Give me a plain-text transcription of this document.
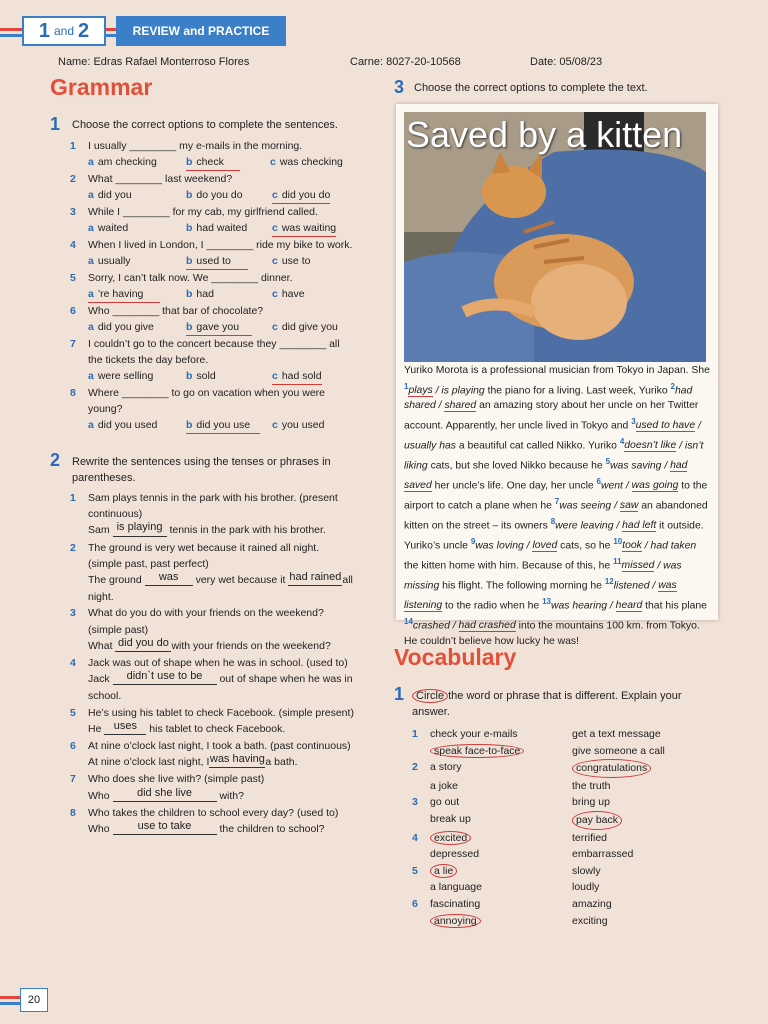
1 and 2	REVIEW and PRACTICE
Name: Edras Rafael Monterroso Flores	Carne: 8027-20-10568	Date: 05/08/23
Grammar
1 Choose the correct options to complete the sentences.
1 I usually ________ my e-mails in the morning.
a am checking	b check	c was checking
2 What ________ last weekend?
a did you	b do you do	c did you do
3 While I ________ for my cab, my girlfriend called.
a waited	b had waited c was waiting
4 When I lived in London, I ________ ride my bike to work.
a usually	b used to	c use to
5 Sorry, I can’t talk now. We ________ dinner.
a ’re having	b had	c have
6 Who ________ that bar of chocolate?
a did you give	b gave you	c did give you
7 I couldn’t go to the concert because they ________ all
the tickets the day before.
a were selling	b sold	c had sold
8 Where ________ to go on vacation when you were
young?
a did you used	b did you use c you used
2 Rewrite the sentences using the tenses or phrases in
parentheses.
1 Sam plays tennis in the park with his brother. (present
continuous)
Sam is playing tennis in the park with his brother.
2 The ground is very wet because it rained all night.
(simple past, past perfect)
The ground was very wet because it had rainedall
night.
3 What do you do with your friends on the weekend?
(simple past)
What did you do with your friends on the weekend?
4 Jack was out of shape when he was in school. (used to)
Jack didn`t use to be out of shape when he was in
school.
5 He’s using his tablet to check Facebook. (simple present)
He uses his tablet to check Facebook.
6 At nine o’clock last night, I took a bath. (past continuous)
At nine o’clock last night, Iwas havinga bath.
7 Who does she live with? (simple past)
Who did she live	with?
8 Who takes the children to school every day? (used to)
Who	use to take	the children to school?
3 Choose the correct options to complete the text.
Saved by a kitten
Yuriko Morota is a professional musician from Tokyo in Japan. She $^1$plays / is playing the piano for a living. Last week, Yuriko $^2$had shared / shared an amazing story about her uncle on her Twitter account. Apparently, her uncle lived in Tokyo and $^3$used to have / usually has a beautiful cat called Nikko. Yuriko $^4$doesn’t like / isn’t liking cats, but she loved Nikko because he $^5$was saving / had saved her uncle’s life. One day, her uncle $^6$went / was going to the airport to catch a plane when he $^7$was seeing / saw an abandoned kitten on the street – its owners $^8$were leaving / had left it outside. Yuriko’s uncle $^9$was loving / loved cats, so he $^{10}$took / had taken the kitten home with him. Because of this, he $^{11}$missed / was missing his flight. The following morning he $^{12}$listened / was listening to the radio when he $^{13}$was hearing / heard that his plane $^{14}$crashed / had crashed into the mountains 100 km. from Tokyo. He couldn’t believe how lucky he was!
Vocabulary
1	Circle the word or phrase that is different. Explain your
answer.
1	check your e-mails	get a text message
speak face-to-face	give someone a call
2	a story	congratulations
a joke	the truth
3	go out	bring up
break up	pay back
4	excited	terrified
depressed	embarrassed
5	a lie	slowly
a language	loudly
6	fascinating	amazing
annoying	exciting
20
